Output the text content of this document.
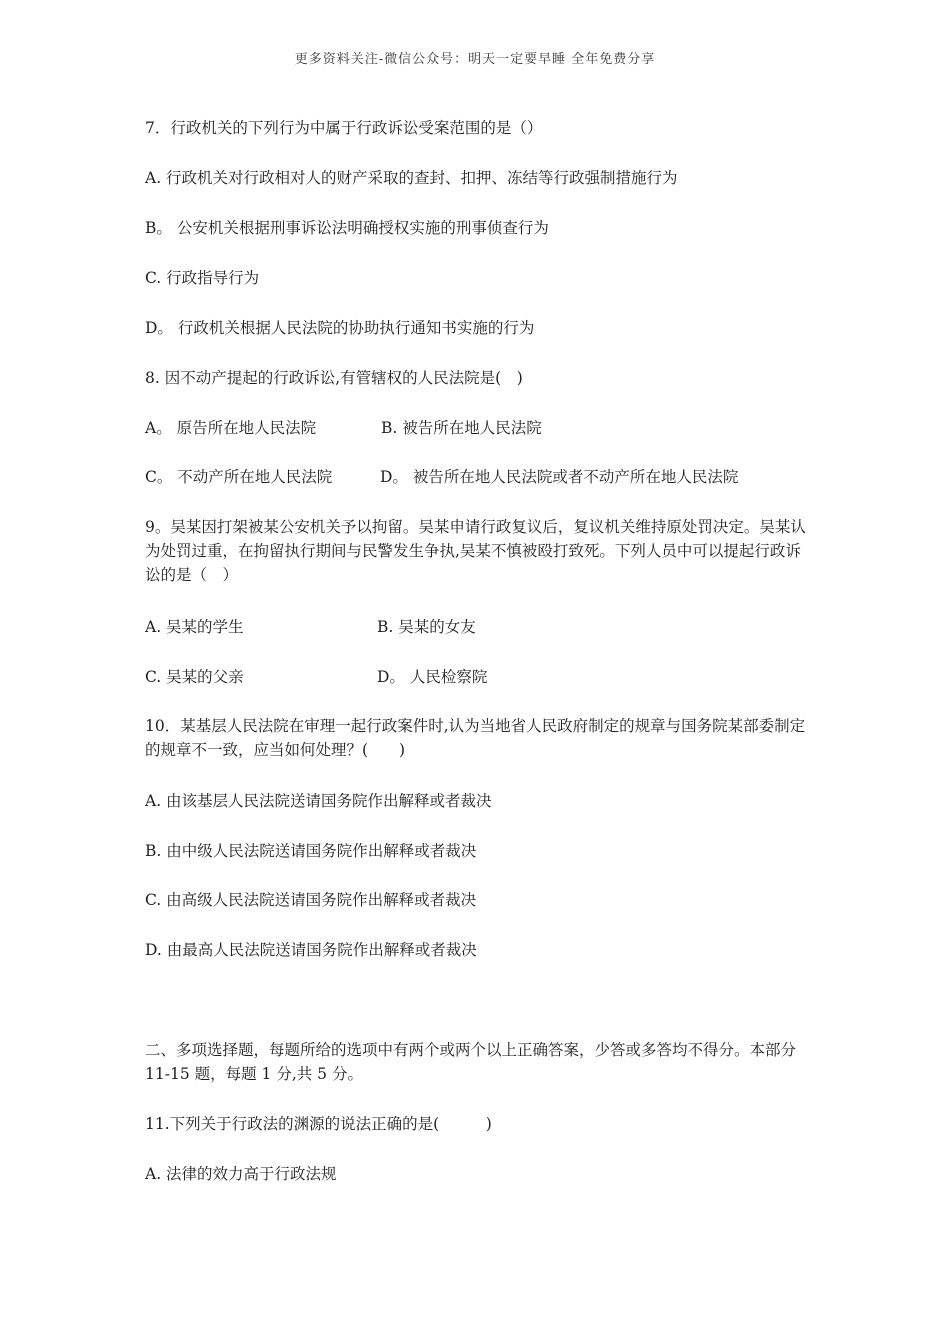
更多资料关注-微信公众号：明天一定要早睡 全年免费分享

7．行政机关的下列行为中属于行政诉讼受案范围的是（）

A. 行政机关对行政相对人的财产采取的查封、扣押、冻结等行政强制措施行为

B。 公安机关根据刑事诉讼法明确授权实施的刑事侦查行为

C. 行政指导行为

D。 行政机关根据人民法院的协助执行通知书实施的行为

8. 因不动产提起的行政诉讼,有管辖权的人民法院是(　)

A。 原告所在地人民法院	B. 被告所在地人民法院
C。 不动产所在地人民法院	D。 被告所在地人民法院或者不动产所在地人民法院

9。吴某因打架被某公安机关予以拘留。吴某申请行政复议后，复议机关维持原处罚决定。吴某认为处罚过重，在拘留执行期间与民警发生争执,吴某不慎被殴打致死。下列人员中可以提起行政诉讼的是（　）

A. 吴某的学生	B. 吴某的女友
C. 吴某的父亲	D。 人民检察院

10．某基层人民法院在审理一起行政案件时,认为当地省人民政府制定的规章与国务院某部委制定的规章不一致，应当如何处理？(　　)

A. 由该基层人民法院送请国务院作出解释或者裁决

B. 由中级人民法院送请国务院作出解释或者裁决

C. 由高级人民法院送请国务院作出解释或者裁决

D. 由最高人民法院送请国务院作出解释或者裁决

二、多项选择题，每题所给的选项中有两个或两个以上正确答案，少答或多答均不得分。本部分 11-15 题，每题 1 分,共 5 分。

11.下列关于行政法的渊源的说法正确的是(　　　)

A. 法律的效力高于行政法规
